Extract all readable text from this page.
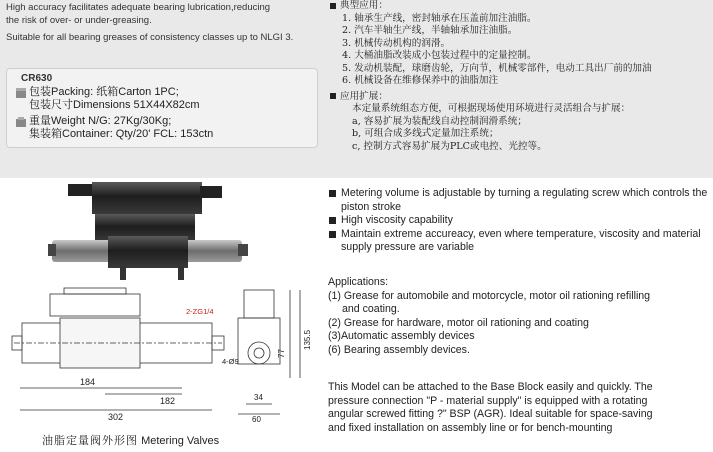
High accuracy facilitates adequate bearing lubrication,reducing
the risk of over- or under-greasing.
Suitable for all bearing greases of consistency classes up to NLGI 3.
CR630
包装Packing: 纸箱Carton 1PC;
包装尺寸Dimensions 51X44X82cm
重量Weight N/G: 27Kg/30Kg;
集装箱Container: Qty/20' FCL: 153ctn
典型应用：
1. 轴承生产线，密封轴承在压盖前加注油脂。
2. 汽车半轴生产线，半轴轴承加注油脂。
3. 机械传动机构的润滑。
4. 大桶油脂改装成小包装过程中的定量控制。
5. 发动机装配，球磨齿轮，万向节，机械零部件，电动工具出厂前的加油
6. 机械设备在维修保养中的油脂加注
应用扩展：
本定量系统组态方便，可根据现场使用环境进行灵活组合与扩展：
a, 容易扩展为装配线自动控制润滑系统；
b, 可组合成多线式定量加注系统；
c, 控制方式容易扩展为PLC或电控、光控等。
184
182
302
34
60
77
135.5
2-ZG1/4
4-Ø9
油脂定量阀外形图 Metering Valves
Metering volume is adjustable by turning a regulating screw which controls the piston stroke
High viscosity capability
Maintain extreme accureacy, even where temperature, viscosity and material supply pressure are variable
Applications:
(1) Grease for automobile and motorcycle, motor oil rationing refilling
and coating.
(2) Grease for hardware, motor oil rationing and coating
(3)Automatic assembly devices
(6) Bearing assembly devices.
This Model can be attached to the Base Block easily and quickly. The
pressure connection "P - material supply" is equipped with a rotating
angular screwed fitting ?" BSP (AGR). Ideal suitable for space-saving
and fixed installation on assembly line or for bench-mounting
